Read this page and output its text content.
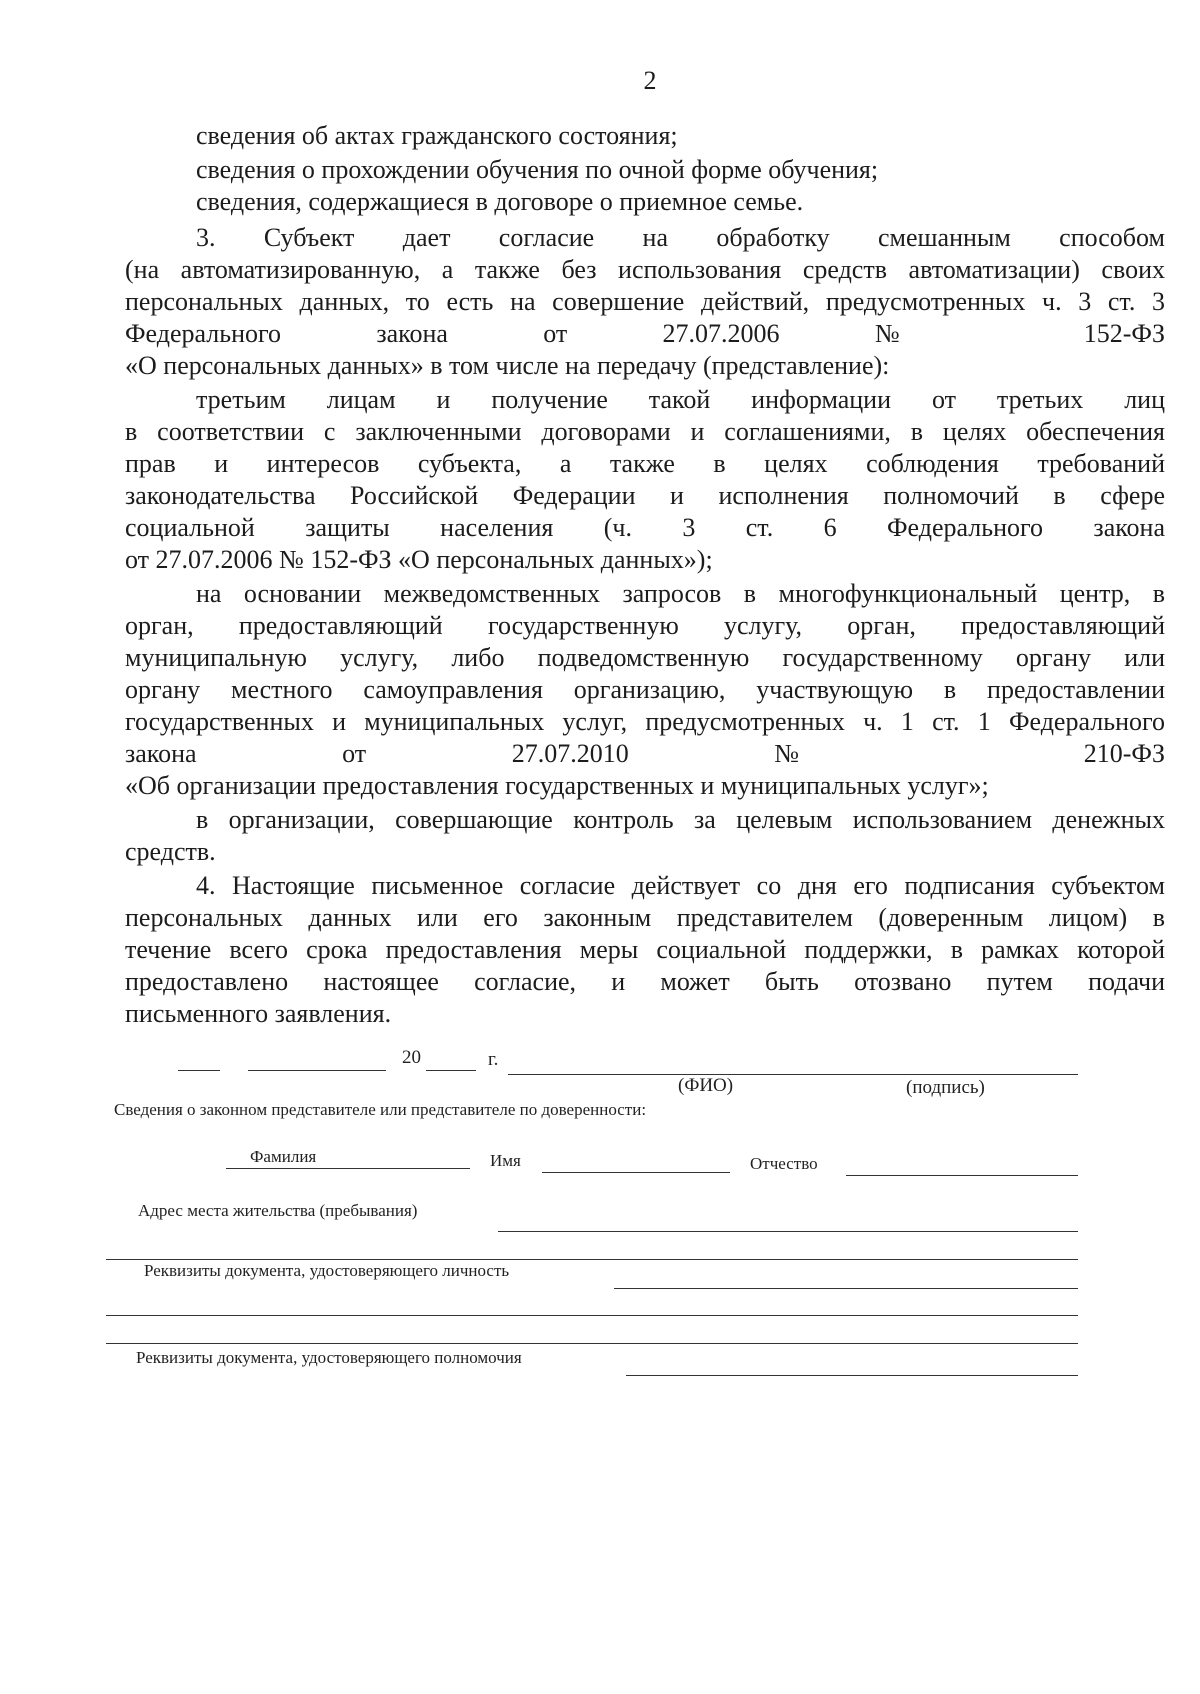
2
сведения об актах гражданского состояния;
сведения о прохождении обучения по очной форме обучения;
сведения, содержащиеся в договоре о приемное семье.
3. Субъект дает согласие на обработку смешанным способом
(на автоматизированную, а также без использования средств автоматизации) своих
персональных данных, то есть на совершение действий, предусмотренных ч. 3 ст. 3
Федерального закона от 27.07.2006 № 152-ФЗ
«О персональных данных» в том числе на передачу (представление):
третьим лицам и получение такой информации от третьих лиц
в соответствии с заключенными договорами и соглашениями, в целях обеспечения
прав и интересов субъекта, а также в целях соблюдения требований
законодательства Российской Федерации и исполнения полномочий в сфере
социальной защиты населения (ч. 3 ст. 6 Федерального закона
от 27.07.2006 № 152-ФЗ «О персональных данных»);
на основании межведомственных запросов в многофункциональный центр, в
орган, предоставляющий государственную услугу, орган, предоставляющий
муниципальную услугу, либо подведомственную государственному органу или
органу местного самоуправления организацию, участвующую в предоставлении
государственных и муниципальных услуг, предусмотренных ч. 1 ст. 1 Федерального
закона от 27.07.2010 № 210-ФЗ
«Об организации предоставления государственных и муниципальных услуг»;
в организации, совершающие контроль за целевым использованием денежных
средств.
4. Настоящие письменное согласие действует со дня его подписания субъектом
персональных данных или его законным представителем (доверенным лицом) в
течение всего срока предоставления меры социальной поддержки, в рамках которой
предоставлено настоящее согласие, и может быть отозвано путем подачи
письменного заявления.
20	г.
(ФИО)	(подпись)
Сведения о законном представителе или представителе по доверенности:
Фамилия	Имя	Отчество
Адрес места жительства (пребывания)
Реквизиты документа, удостоверяющего личность
Реквизиты документа, удостоверяющего полномочия
